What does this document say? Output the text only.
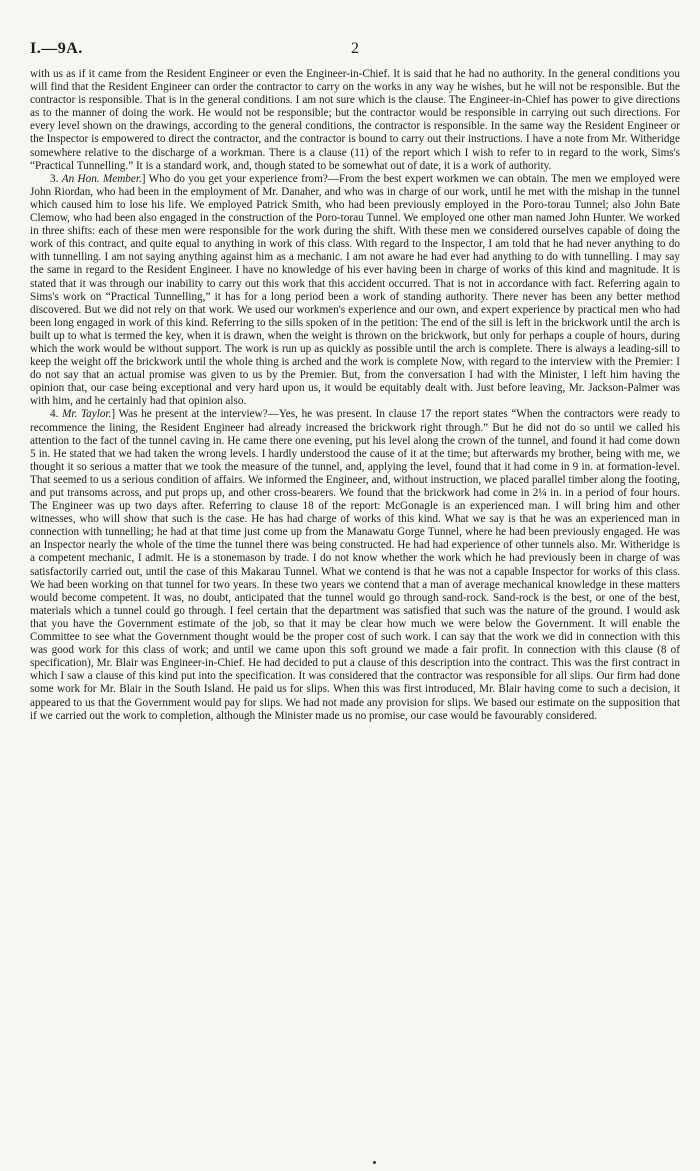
I.—9A.	2

with us as if it came from the Resident Engineer or even the Engineer-in-Chief. It is said that he had no authority. In the general conditions you will find that the Resident Engineer can order the contractor to carry on the works in any way he wishes, but he will not be responsible. But the contractor is responsible. That is in the general conditions. I am not sure which is the clause. The Engineer-in-Chief has power to give directions as to the manner of doing the work. He would not be responsible; but the contractor would be responsible in carrying out such directions. For every level shown on the drawings, according to the general conditions, the contractor is responsible. In the same way the Resident Engineer or the Inspector is empowered to direct the contractor, and the contractor is bound to carry out their instructions. I have a note from Mr. Witheridge somewhere relative to the discharge of a workman. There is a clause (11) of the report which I wish to refer to in regard to the work, Sims's “Practical Tunnelling.” It is a standard work, and, though stated to be somewhat out of date, it is a work of authority.

3. An Hon. Member.] Who do you get your experience from?—From the best expert workmen we can obtain. The men we employed were John Riordan, who had been in the employment of Mr. Danaher, and who was in charge of our work, until he met with the mishap in the tunnel which caused him to lose his life. We employed Patrick Smith, who had been previously employed in the Poro-torau Tunnel; also John Bate Clemow, who had been also engaged in the construction of the Poro-torau Tunnel. We employed one other man named John Hunter. We worked in three shifts: each of these men were responsible for the work during the shift. With these men we considered ourselves capable of doing the work of this contract, and quite equal to anything in work of this class. With regard to the Inspector, I am told that he had never anything to do with tunnelling. I am not saying anything against him as a mechanic. I am not aware he had ever had anything to do with tunnelling. I may say the same in regard to the Resident Engineer. I have no knowledge of his ever having been in charge of works of this kind and magnitude. It is stated that it was through our inability to carry out this work that this accident occurred. That is not in accordance with fact. Referring again to Sims's work on “Practical Tunnelling,” it has for a long period been a work of standing authority. There never has been any better method discovered. But we did not rely on that work. We used our workmen's experience and our own, and expert experience by practical men who had been long engaged in work of this kind. Referring to the sills spoken of in the petition: The end of the sill is left in the brickwork until the arch is built up to what is termed the key, when it is drawn, when the weight is thrown on the brickwork, but only for perhaps a couple of hours, during which the work would be without support. The work is run up as quickly as possible until the arch is complete. There is always a leading-sill to keep the weight off the brickwork until the whole thing is arched and the work is complete Now, with regard to the interview with the Premier: I do not say that an actual promise was given to us by the Premier. But, from the conversation I had with the Minister, I left him having the opinion that, our case being exceptional and very hard upon us, it would be equitably dealt with. Just before leaving, Mr. Jackson-Palmer was with him, and he certainly had that opinion also.

4. Mr. Taylor.] Was he present at the interview?—Yes, he was present. In clause 17 the report states “When the contractors were ready to recommence the lining, the Resident Engineer had already increased the brickwork right through.” But he did not do so until we called his attention to the fact of the tunnel caving in. He came there one evening, put his level along the crown of the tunnel, and found it had come down 5 in. He stated that we had taken the wrong levels. I hardly understood the cause of it at the time; but afterwards my brother, being with me, we thought it so serious a matter that we took the measure of the tunnel, and, applying the level, found that it had come in 9 in. at formation-level. That seemed to us a serious condition of affairs. We informed the Engineer, and, without instruction, we placed parallel timber along the footing, and put transoms across, and put props up, and other cross-bearers. We found that the brickwork had come in 2¼ in. in a period of four hours. The Engineer was up two days after. Referring to clause 18 of the report: McGonagle is an experienced man. I will bring him and other witnesses, who will show that such is the case. He has had charge of works of this kind. What we say is that he was an experienced man in connection with tunnelling; he had at that time just come up from the Manawatu Gorge Tunnel, where he had been previously engaged. He was an Inspector nearly the whole of the time the tunnel there was being constructed. He had had experience of other tunnels also. Mr. Witheridge is a competent mechanic, I admit. He is a stonemason by trade. I do not know whether the work which he had previously been in charge of was satisfactorily carried out, until the case of this Makarau Tunnel. What we contend is that he was not a capable Inspector for works of this class. We had been working on that tunnel for two years. In these two years we contend that a man of average mechanical knowledge in these matters would become competent. It was, no doubt, anticipated that the tunnel would go through sand-rock. Sand-rock is the best, or one of the best, materials which a tunnel could go through. I feel certain that the department was satisfied that such was the nature of the ground. I would ask that you have the Government estimate of the job, so that it may be clear how much we were below the Government. It will enable the Committee to see what the Government thought would be the proper cost of such work. I can say that the work we did in connection with this was good work for this class of work; and until we came upon this soft ground we made a fair profit. In connection with this clause (8 of specification), Mr. Blair was Engineer-in-Chief. He had decided to put a clause of this description into the contract. This was the first contract in which I saw a clause of this kind put into the specification. It was considered that the contractor was responsible for all slips. Our firm had done some work for Mr. Blair in the South Island. He paid us for slips. When this was first introduced, Mr. Blair having come to such a decision, it appeared to us that the Government would pay for slips. We had not made any provision for slips. We based our estimate on the supposition that if we carried out the work to completion, although the Minister made us no promise, our case would be favourably considered.
